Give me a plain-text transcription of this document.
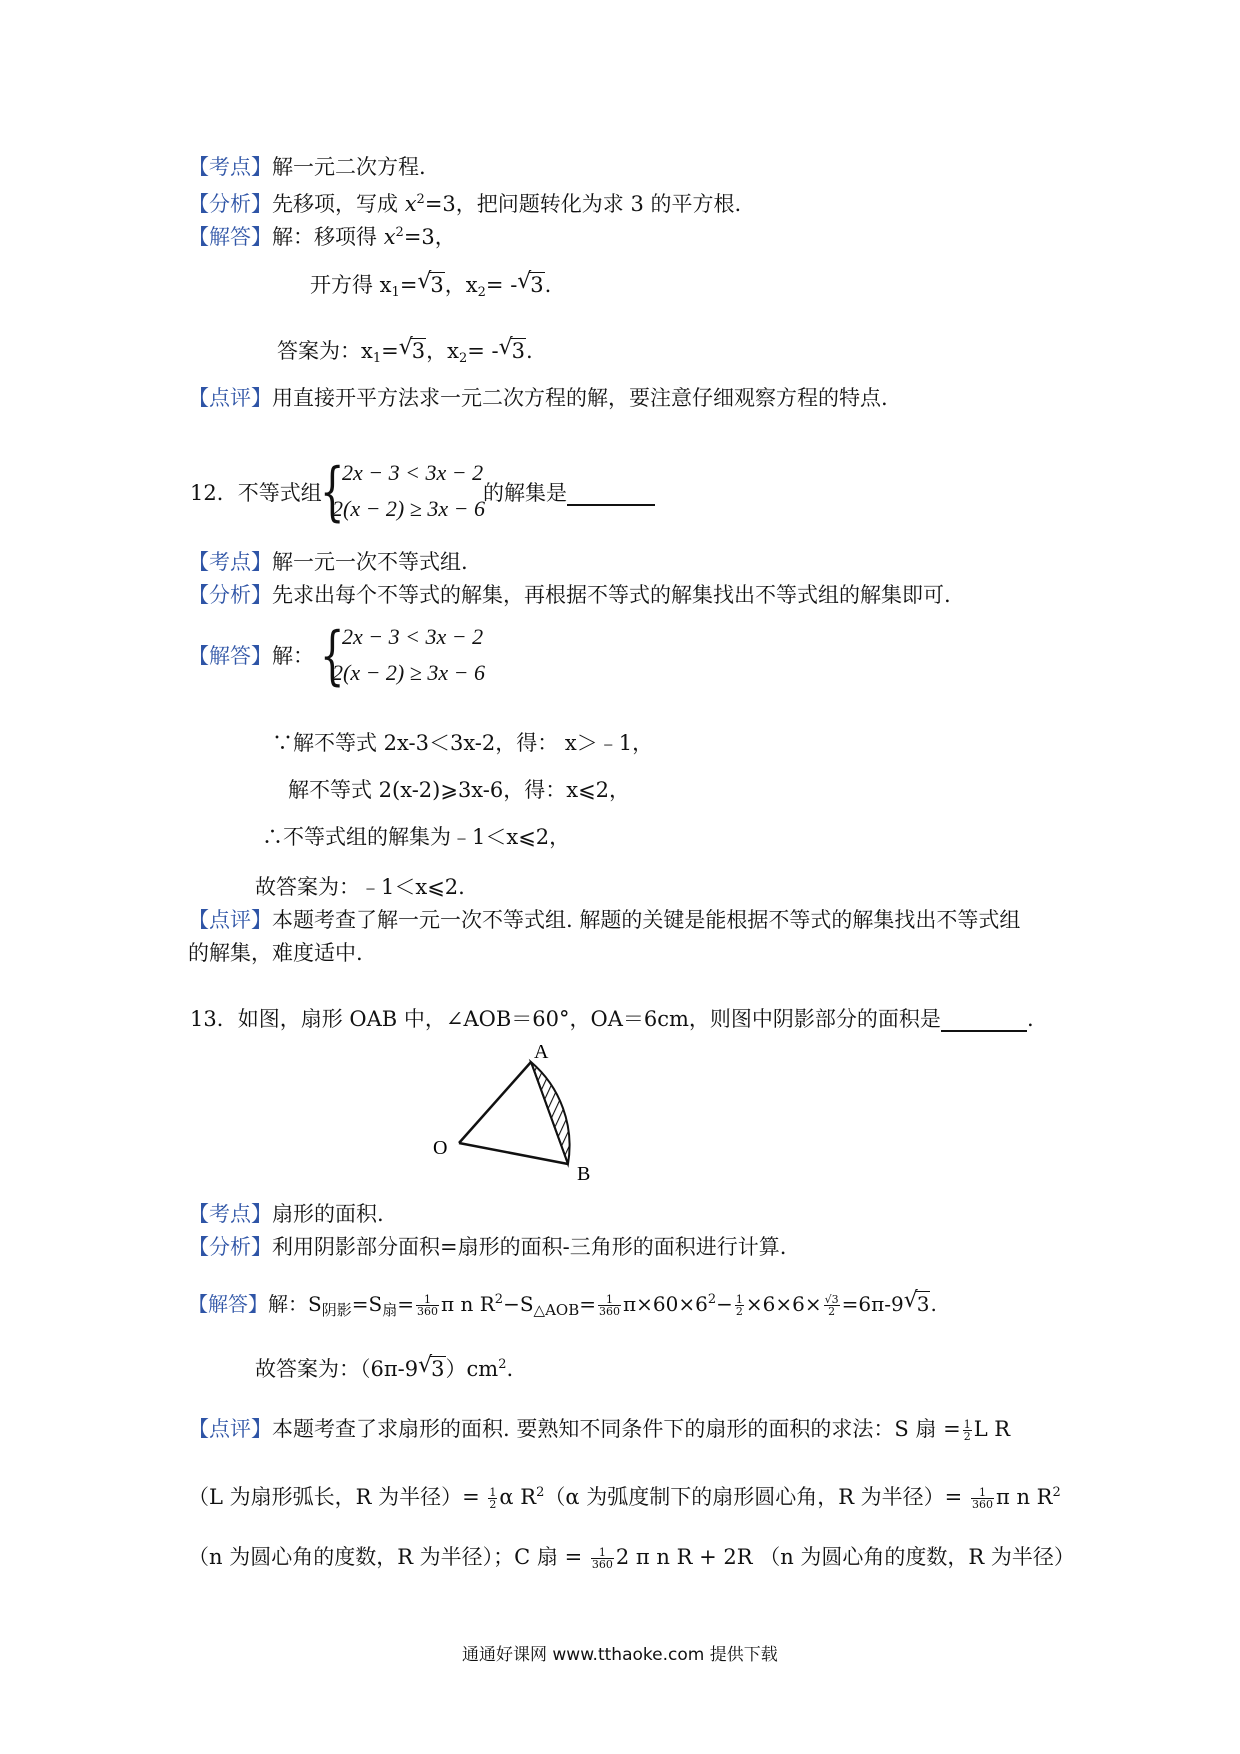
【考点】解一元二次方程.
【分析】先移项，写成 $x^2=3$，把问题转化为求 3 的平方根.
【解答】解：移项得 $x^2=3$，
开方得 $x_1=√$ 3，$x_2=$ -√ 3.
答案为：$x_1=√$ 3，$x_2=$ -√ 3.
【点评】用直接开平方法求一元二次方程的解，要注意仔细观察方程的特点.
12．不等式组
{
2x − 3 < 3x − 2
2(x − 2) ≥ 3x − 6
的解集是
【考点】解一元一次不等式组.
【分析】先求出每个不等式的解集，再根据不等式的解集找出不等式组的解集即可.
【解答】解： {
2x − 3 < 3x − 2
2(x − 2) ≥ 3x − 6
∵解不等式 2x-3＜3x-2，得： x＞﹣1，
解不等式 2(x-2)⩾3x-6，得：x⩽2，
∴不等式组的解集为﹣1＜x⩽2，
故答案为：﹣1＜x⩽2.
【点评】本题考查了解一元一次不等式组. 解题的关键是能根据不等式的解集找出不等式组
的解集，难度适中.
13．如图，扇形 OAB 中，∠AOB＝60°，OA＝6cm，则图中阴影部分的面积是	.
A
O
B
【考点】扇形的面积.
【分析】利用阴影部分面积=扇形的面积-三角形的面积进行计算.
【解答】解：$S_{阴影}=S_扇= \frac{1}{360}$ π n $R^2-S_{\triangle AOB}= \frac{1}{360} \pi\times 60\times 6^2- \frac{1}{2} \times 6\times 6\times \frac{√3}{2} =6\pi-9√$ 3.
故答案为：（6π-9√ $3)cm^2$.
【点评】本题考查了求扇形的面积. 要熟知不同条件下的扇形的面积的求法：S 扇 = $\frac{1}{2}$ L R
（L 为扇形弧长，R 为半径）= $\frac{1}{2}$ α $R^2(\alpha$ 为弧度制下的扇形圆心角，R 为半径）= $\frac{1}{360}$ π n $R^2$
（n 为圆心角的度数，R 为半径）；C 扇 = $\frac{1}{360} 2$ π n R + 2R （n 为圆心角的度数，R 为半径）
通通好课网 www.tthaoke.com 提供下载
